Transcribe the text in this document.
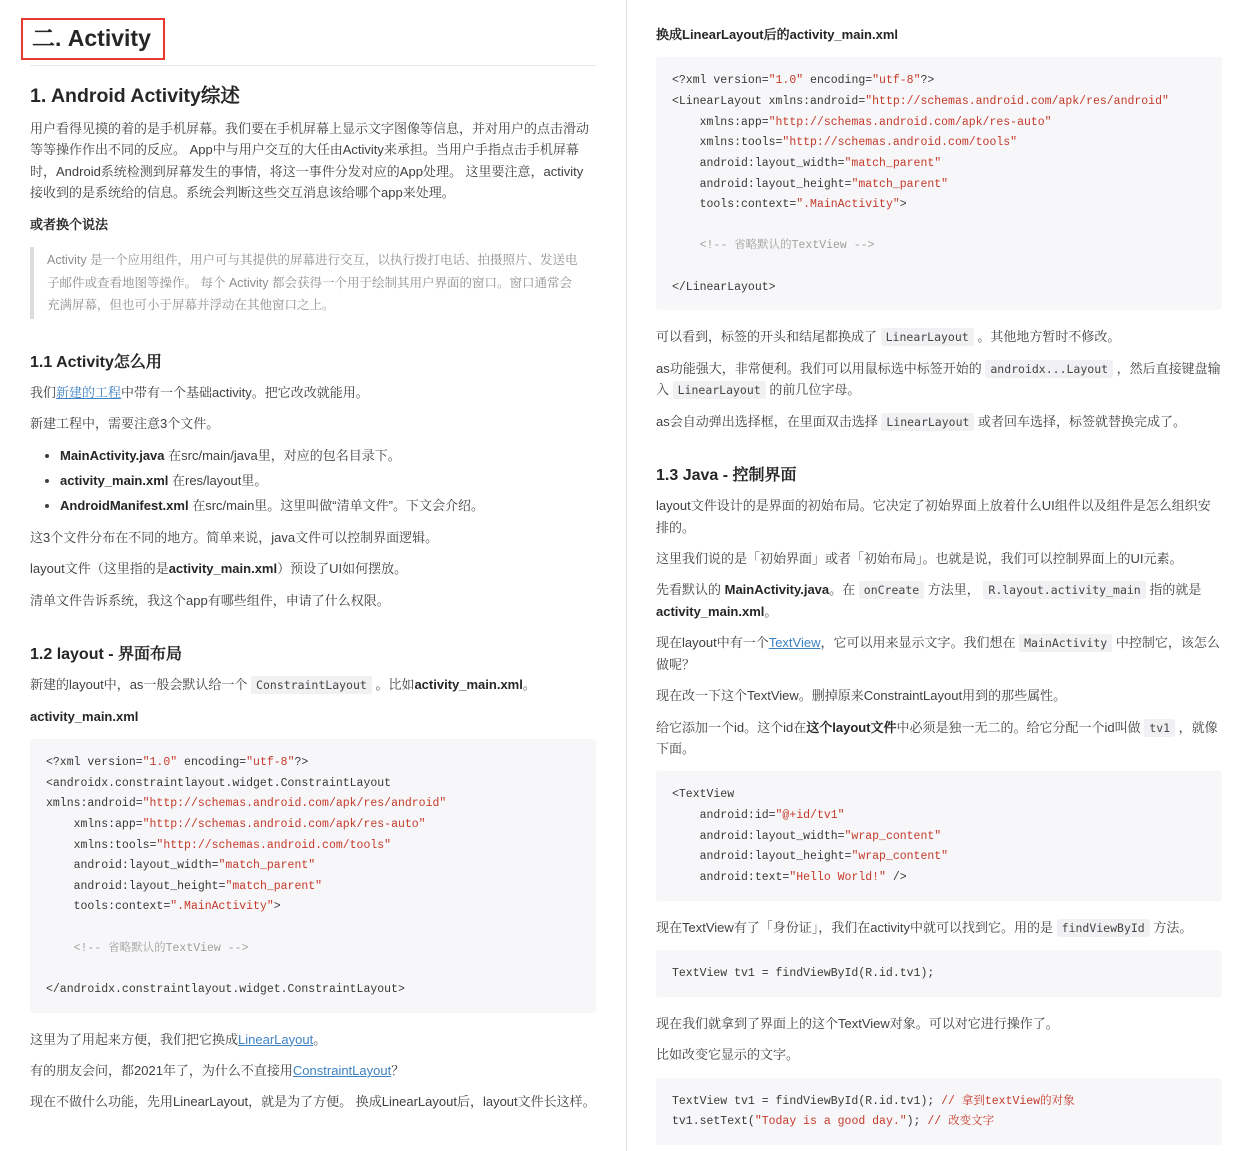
二. Activity
1. Android Activity综述

用户看得见摸的着的是手机屏幕。我们要在手机屏幕上显示文字图像等信息，并对用户的点击滑动等等操作作出不同的反应。 App中与用户交互的大任由Activity来承担。当用户手指点击手机屏幕时，Android系统检测到屏幕发生的事情，将这一事件分发对应的App处理。 这里要注意，activity接收到的是系统给的信息。系统会判断这些交互消息该给哪个app来处理。

或者换个说法

Activity 是一个应用组件，用户可与其提供的屏幕进行交互，以执行拨打电话、拍摄照片、发送电子邮件或查看地图等操作。 每个 Activity 都会获得一个用于绘制其用户界面的窗口。窗口通常会充满屏幕，但也可小于屏幕并浮动在其他窗口之上。
1.1 Activity怎么用

我们新建的工程中带有一个基础activity。把它改改就能用。

新建工程中，需要注意3个文件。

• MainActivity.java 在src/main/java里，对应的包名目录下。
• activity_main.xml 在res/layout里。
• AndroidManifest.xml 在src/main里。这里叫做“清单文件”。下文会介绍。

这3个文件分布在不同的地方。简单来说，java文件可以控制界面逻辑。

layout文件（这里指的是activity_main.xml）预设了UI如何摆放。

清单文件告诉系统，我这个app有哪些组件，申请了什么权限。

1.2 layout - 界面布局

新建的layout中，as一般会默认给一个 ConstraintLayout 。比如activity_main.xml。

activity_main.xml

<?xml version="1.0" encoding="utf-8"?>
<androidx.constraintlayout.widget.ConstraintLayout
xmlns:android="http://schemas.android.com/apk/res/android"
xmlns:app="http://schemas.android.com/apk/res-auto"
xmlns:tools="http://schemas.android.com/tools"
android:layout_width="match_parent"
android:layout_height="match_parent"
tools:context=".MainActivity">

<!-- 省略默认的TextView -->

</androidx.constraintlayout.widget.ConstraintLayout>

这里为了用起来方便，我们把它换成LinearLayout。

有的朋友会问，都2021年了，为什么不直接用ConstraintLayout？

现在不做什么功能，先用LinearLayout，就是为了方便。 换成LinearLayout后，layout文件长这样。

换成LinearLayout后的activity_main.xml

<?xml version="1.0" encoding="utf-8"?>
<LinearLayout xmlns:android="http://schemas.android.com/apk/res/android"
xmlns:app="http://schemas.android.com/apk/res-auto"
xmlns:tools="http://schemas.android.com/tools"
android:layout_width="match_parent"
android:layout_height="match_parent"
tools:context=".MainActivity">

<!-- 省略默认的TextView -->

</LinearLayout>

可以看到，标签的开头和结尾都换成了 LinearLayout 。其他地方暂时不修改。

as功能强大，非常便利。我们可以用鼠标选中标签开始的 androidx...Layout ，然后直接键盘输入 LinearLayout 的前几位字母。

as会自动弹出选择框，在里面双击选择 LinearLayout 或者回车选择，标签就替换完成了。

1.3 Java - 控制界面

layout文件设计的是界面的初始布局。它决定了初始界面上放着什么UI组件以及组件是怎么组织安排的。

这里我们说的是「初始界面」或者「初始布局」。也就是说，我们可以控制界面上的UI元素。

先看默认的 MainActivity.java。在 onCreate 方法里， R.layout.activity_main 指的就是 activity_main.xml。

现在layout中有一个TextView，它可以用来显示文字。我们想在 MainActivity 中控制它，该怎么做呢？

现在改一下这个TextView。删掉原来ConstraintLayout用到的那些属性。

给它添加一个id。这个id在这个layout文件中必须是独一无二的。给它分配一个id叫做 tv1 ，就像下面。

<TextView
android:id="@+id/tv1"
android:layout_width="wrap_content"
android:layout_height="wrap_content"
android:text="Hello World!" />

现在TextView有了「身份证」，我们在activity中就可以找到它。用的是 findViewById 方法。

TextView tv1 = findViewById(R.id.tv1);

现在我们就拿到了界面上的这个TextView对象。可以对它进行操作了。

比如改变它显示的文字。

TextView tv1 = findViewById(R.id.tv1); // 拿到textView的对象
tv1.setText("Today is a good day."); // 改变文字
